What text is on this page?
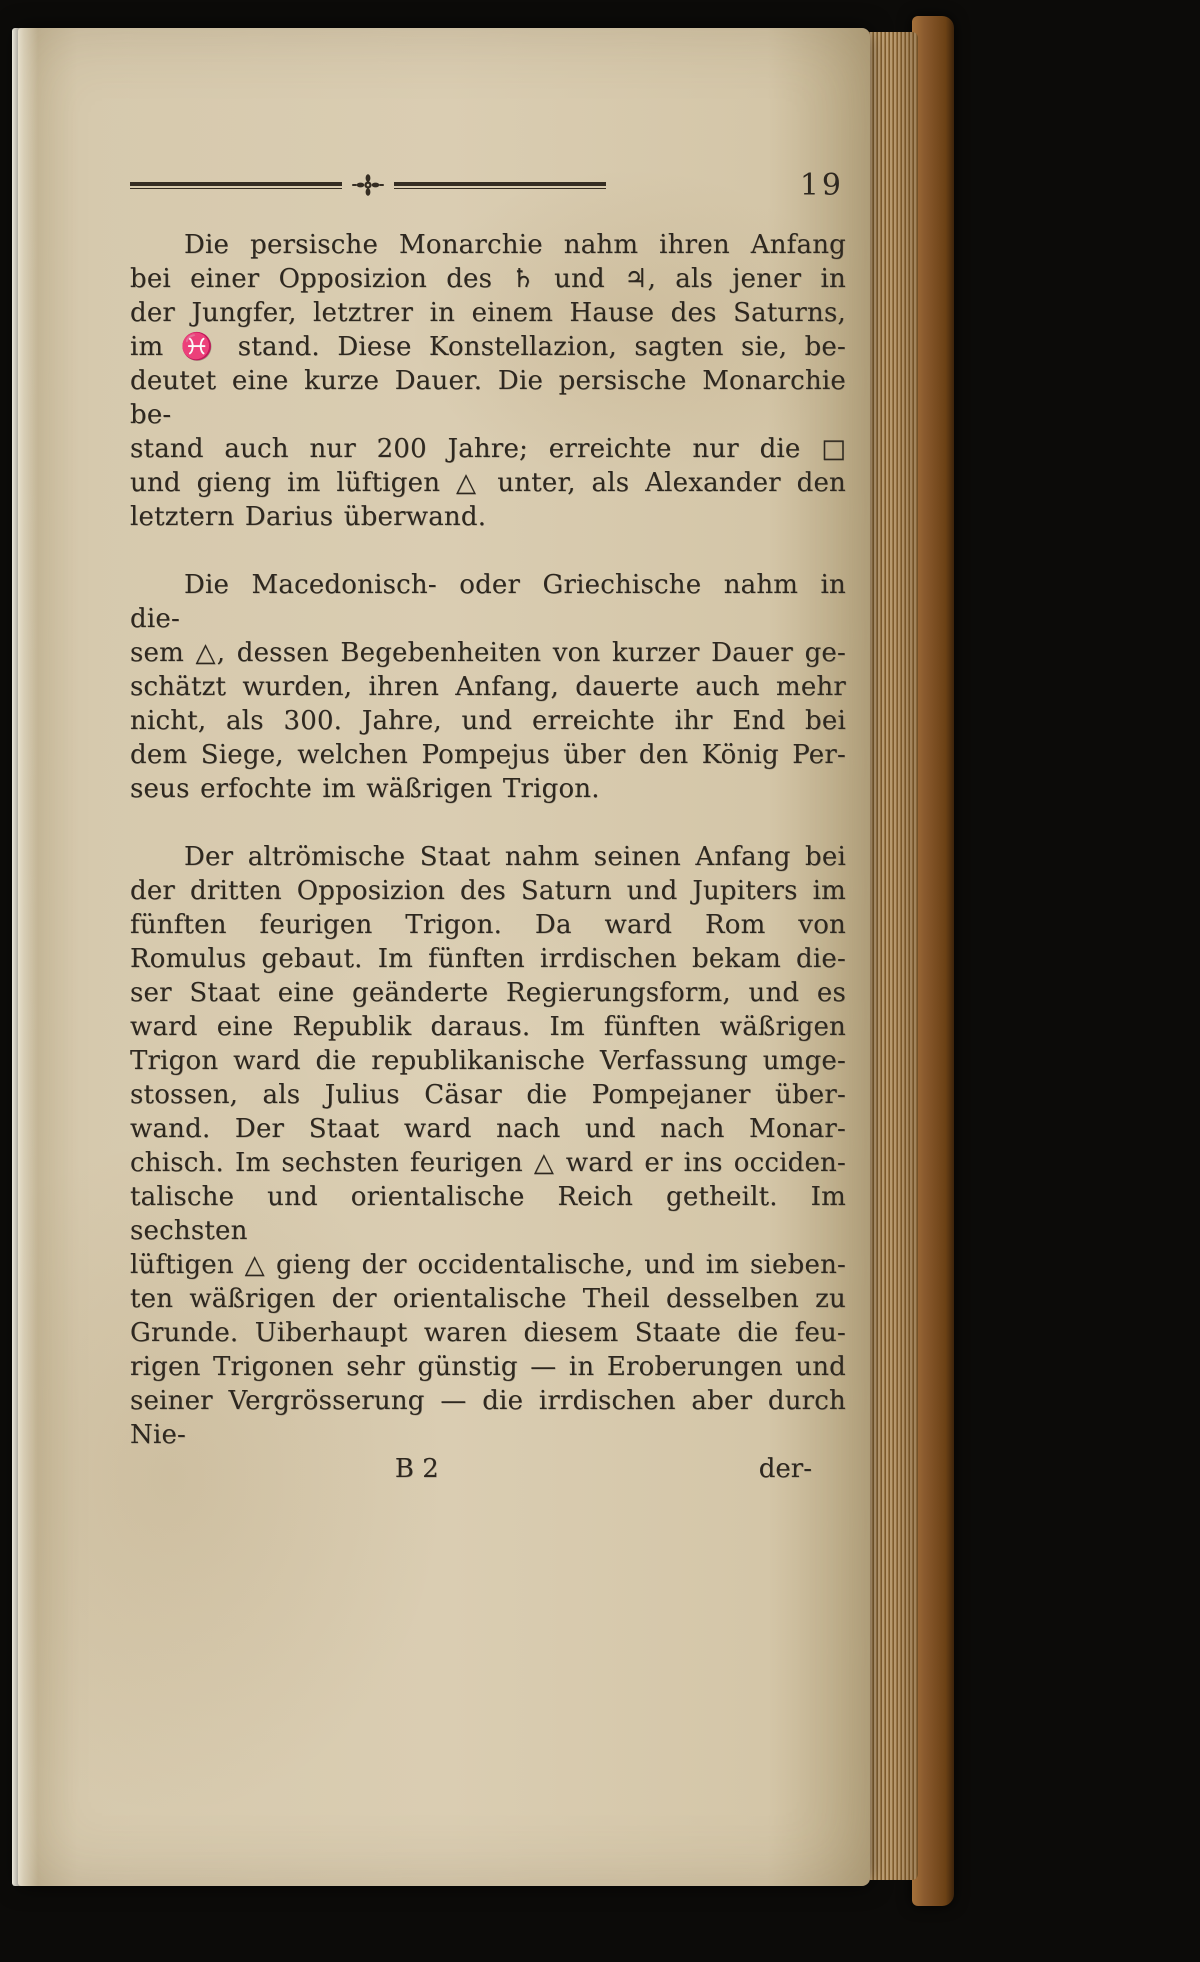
19
Die persische Monarchie nahm ihren Anfang
bei einer Opposizion des ♄ und ♃, als jener in
der Jungfer, letztrer in einem Hause des Saturns,
im ♓ stand. Diese Konstellazion, sagten sie, be-
deutet eine kurze Dauer. Die persische Monarchie be-
stand auch nur 200 Jahre; erreichte nur die □
und gieng im lüftigen △ unter, als Alexander den
letztern Darius überwand.
Die Macedonisch- oder Griechische nahm in die-
sem △, dessen Begebenheiten von kurzer Dauer ge-
schätzt wurden, ihren Anfang, dauerte auch mehr
nicht, als 300. Jahre, und erreichte ihr End bei
dem Siege, welchen Pompejus über den König Per-
seus erfochte im wäßrigen Trigon.
Der altrömische Staat nahm seinen Anfang bei
der dritten Opposizion des Saturn und Jupiters im
fünften feurigen Trigon. Da ward Rom von
Romulus gebaut. Im fünften irrdischen bekam die-
ser Staat eine geänderte Regierungsform, und es
ward eine Republik daraus. Im fünften wäßrigen
Trigon ward die republikanische Verfassung umge-
stossen, als Julius Cäsar die Pompejaner über-
wand. Der Staat ward nach und nach Monar-
chisch. Im sechsten feurigen △ ward er ins occiden-
talische und orientalische Reich getheilt. Im sechsten
lüftigen △ gieng der occidentalische, und im sieben-
ten wäßrigen der orientalische Theil desselben zu
Grunde. Uiberhaupt waren diesem Staate die feu-
rigen Trigonen sehr günstig — in Eroberungen und
seiner Vergrösserung — die irrdischen aber durch Nie-
B 2	der-
